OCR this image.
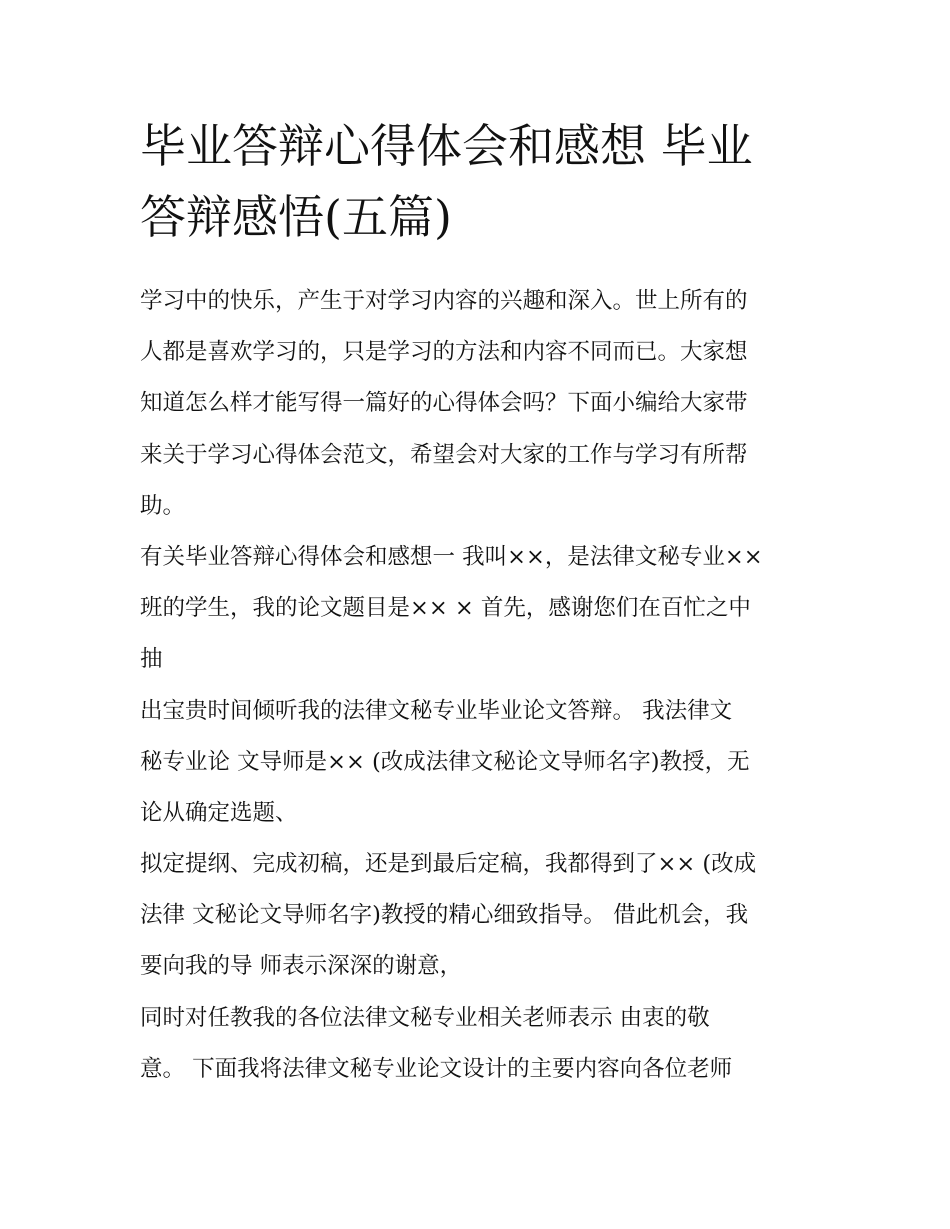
毕业答辩心得体会和感想 毕业
答辩感悟(五篇)
学习中的快乐，产生于对学习内容的兴趣和深入。世上所有的
人都是喜欢学习的，只是学习的方法和内容不同而已。大家想
知道怎么样才能写得一篇好的心得体会吗？下面小编给大家带
来关于学习心得体会范文，希望会对大家的工作与学习有所帮
助。
有关毕业答辩心得体会和感想一 我叫××，是法律文秘专业××
班的学生，我的论文题目是×× × 首先，感谢您们在百忙之中
抽
出宝贵时间倾听我的法律文秘专业毕业论文答辩。 我法律文
秘专业论 文导师是×× (改成法律文秘论文导师名字)教授，无
论从确定选题、
拟定提纲、完成初稿，还是到最后定稿，我都得到了×× (改成
法律 文秘论文导师名字)教授的精心细致指导。 借此机会，我
要向我的导 师表示深深的谢意，
同时对任教我的各位法律文秘专业相关老师表示 由衷的敬
意。 下面我将法律文秘专业论文设计的主要内容向各位老师
